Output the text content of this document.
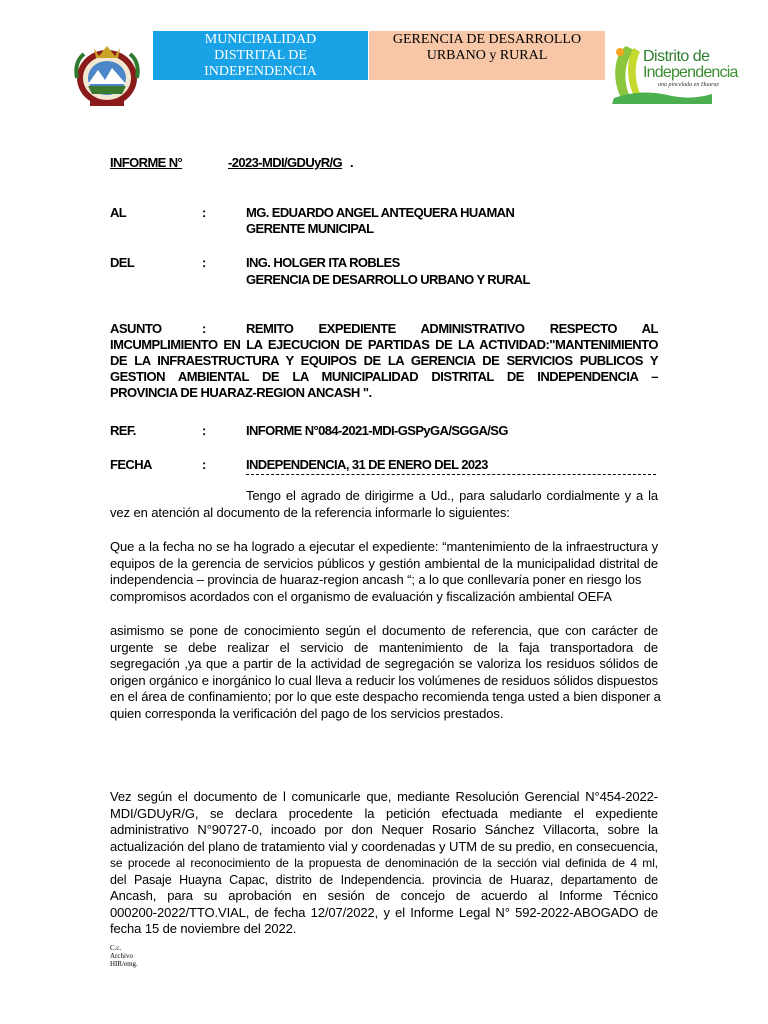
MUNICIPALIDAD
DISTRITAL DE
INDEPENDENCIA
GERENCIA DE DESARROLLO
URBANO y RURAL	Distrito de
Independencia
una pincelada en Huaraz
INFORME N°	-2023-MDI/GDUyR/G .
AL	:	MG. EDUARDO ANGEL ANTEQUERA HUAMAN
GERENTE MUNICIPAL
DEL	:	ING. HOLGER ITA ROBLES
GERENCIA DE DESARROLLO URBANO Y RURAL
ASUNTO	:	REMITO EXPEDIENTE ADMINISTRATIVO RESPECTO AL
IMCUMPLIMIENTO EN LA EJECUCION DE PARTIDAS DE LA ACTIVIDAD:"MANTENIMIENTO
DE LA INFRAESTRUCTURA Y EQUIPOS DE LA GERENCIA DE SERVICIOS PUBLICOS Y
GESTION AMBIENTAL DE LA MUNICIPALIDAD DISTRITAL DE INDEPENDENCIA –
PROVINCIA DE HUARAZ-REGION ANCASH ".
REF.	:	INFORME N°084-2021-MDI-GSPyGA/SGGA/SG
FECHA	:	INDEPENDENCIA, 31 DE ENERO DEL 2023
Tengo el agrado de dirigirme a Ud., para saludarlo cordialmente y a la
vez en atención al documento de la referencia informarle lo siguientes:
Que a la fecha no se ha logrado a ejecutar el expediente: “mantenimiento de la infraestructura y
equipos de la gerencia de servicios públicos y gestión ambiental de la municipalidad distrital de
independencia – provincia de huaraz-region ancash “; a lo que conllevaría poner en riesgo los
compromisos acordados con el organismo de evaluación y fiscalización ambiental OEFA
asimismo se pone de conocimiento según el documento de referencia, que con carácter de
urgente se debe realizar el servicio de mantenimiento de la faja transportadora de
segregación ,ya que a partir de la actividad de segregación se valoriza los residuos sólidos de
origen orgánico e inorgánico lo cual lleva a reducir los volúmenes de residuos sólidos dispuestos
en el área de confinamiento; por lo que este despacho recomienda tenga usted a bien disponer a
quien corresponda la verificación del pago de los servicios prestados.
Vez según el documento de l comunicarle que, mediante Resolución Gerencial N°454-2022-
MDI/GDUyR/G, se declara procedente la petición efectuada mediante el expediente
administrativo N°90727-0, incoado por don Nequer Rosario Sánchez Villacorta, sobre la
actualización del plano de tratamiento vial y coordenadas y UTM de su predio, en consecuencia,
se procede al reconocimiento de la propuesta de denominación de la sección vial definida de 4 ml,
del Pasaje Huayna Capac, distrito de Independencia. provincia de Huaraz, departamento de
Ancash, para su aprobación en sesión de concejo de acuerdo al Informe Técnico
000200-2022/TTO.VIAL, de fecha 12/07/2022, y el Informe Legal N° 592-2022-ABOGADO de
fecha 15 de noviembre del 2022.
C.c.
Archivo
HIR/emg.
